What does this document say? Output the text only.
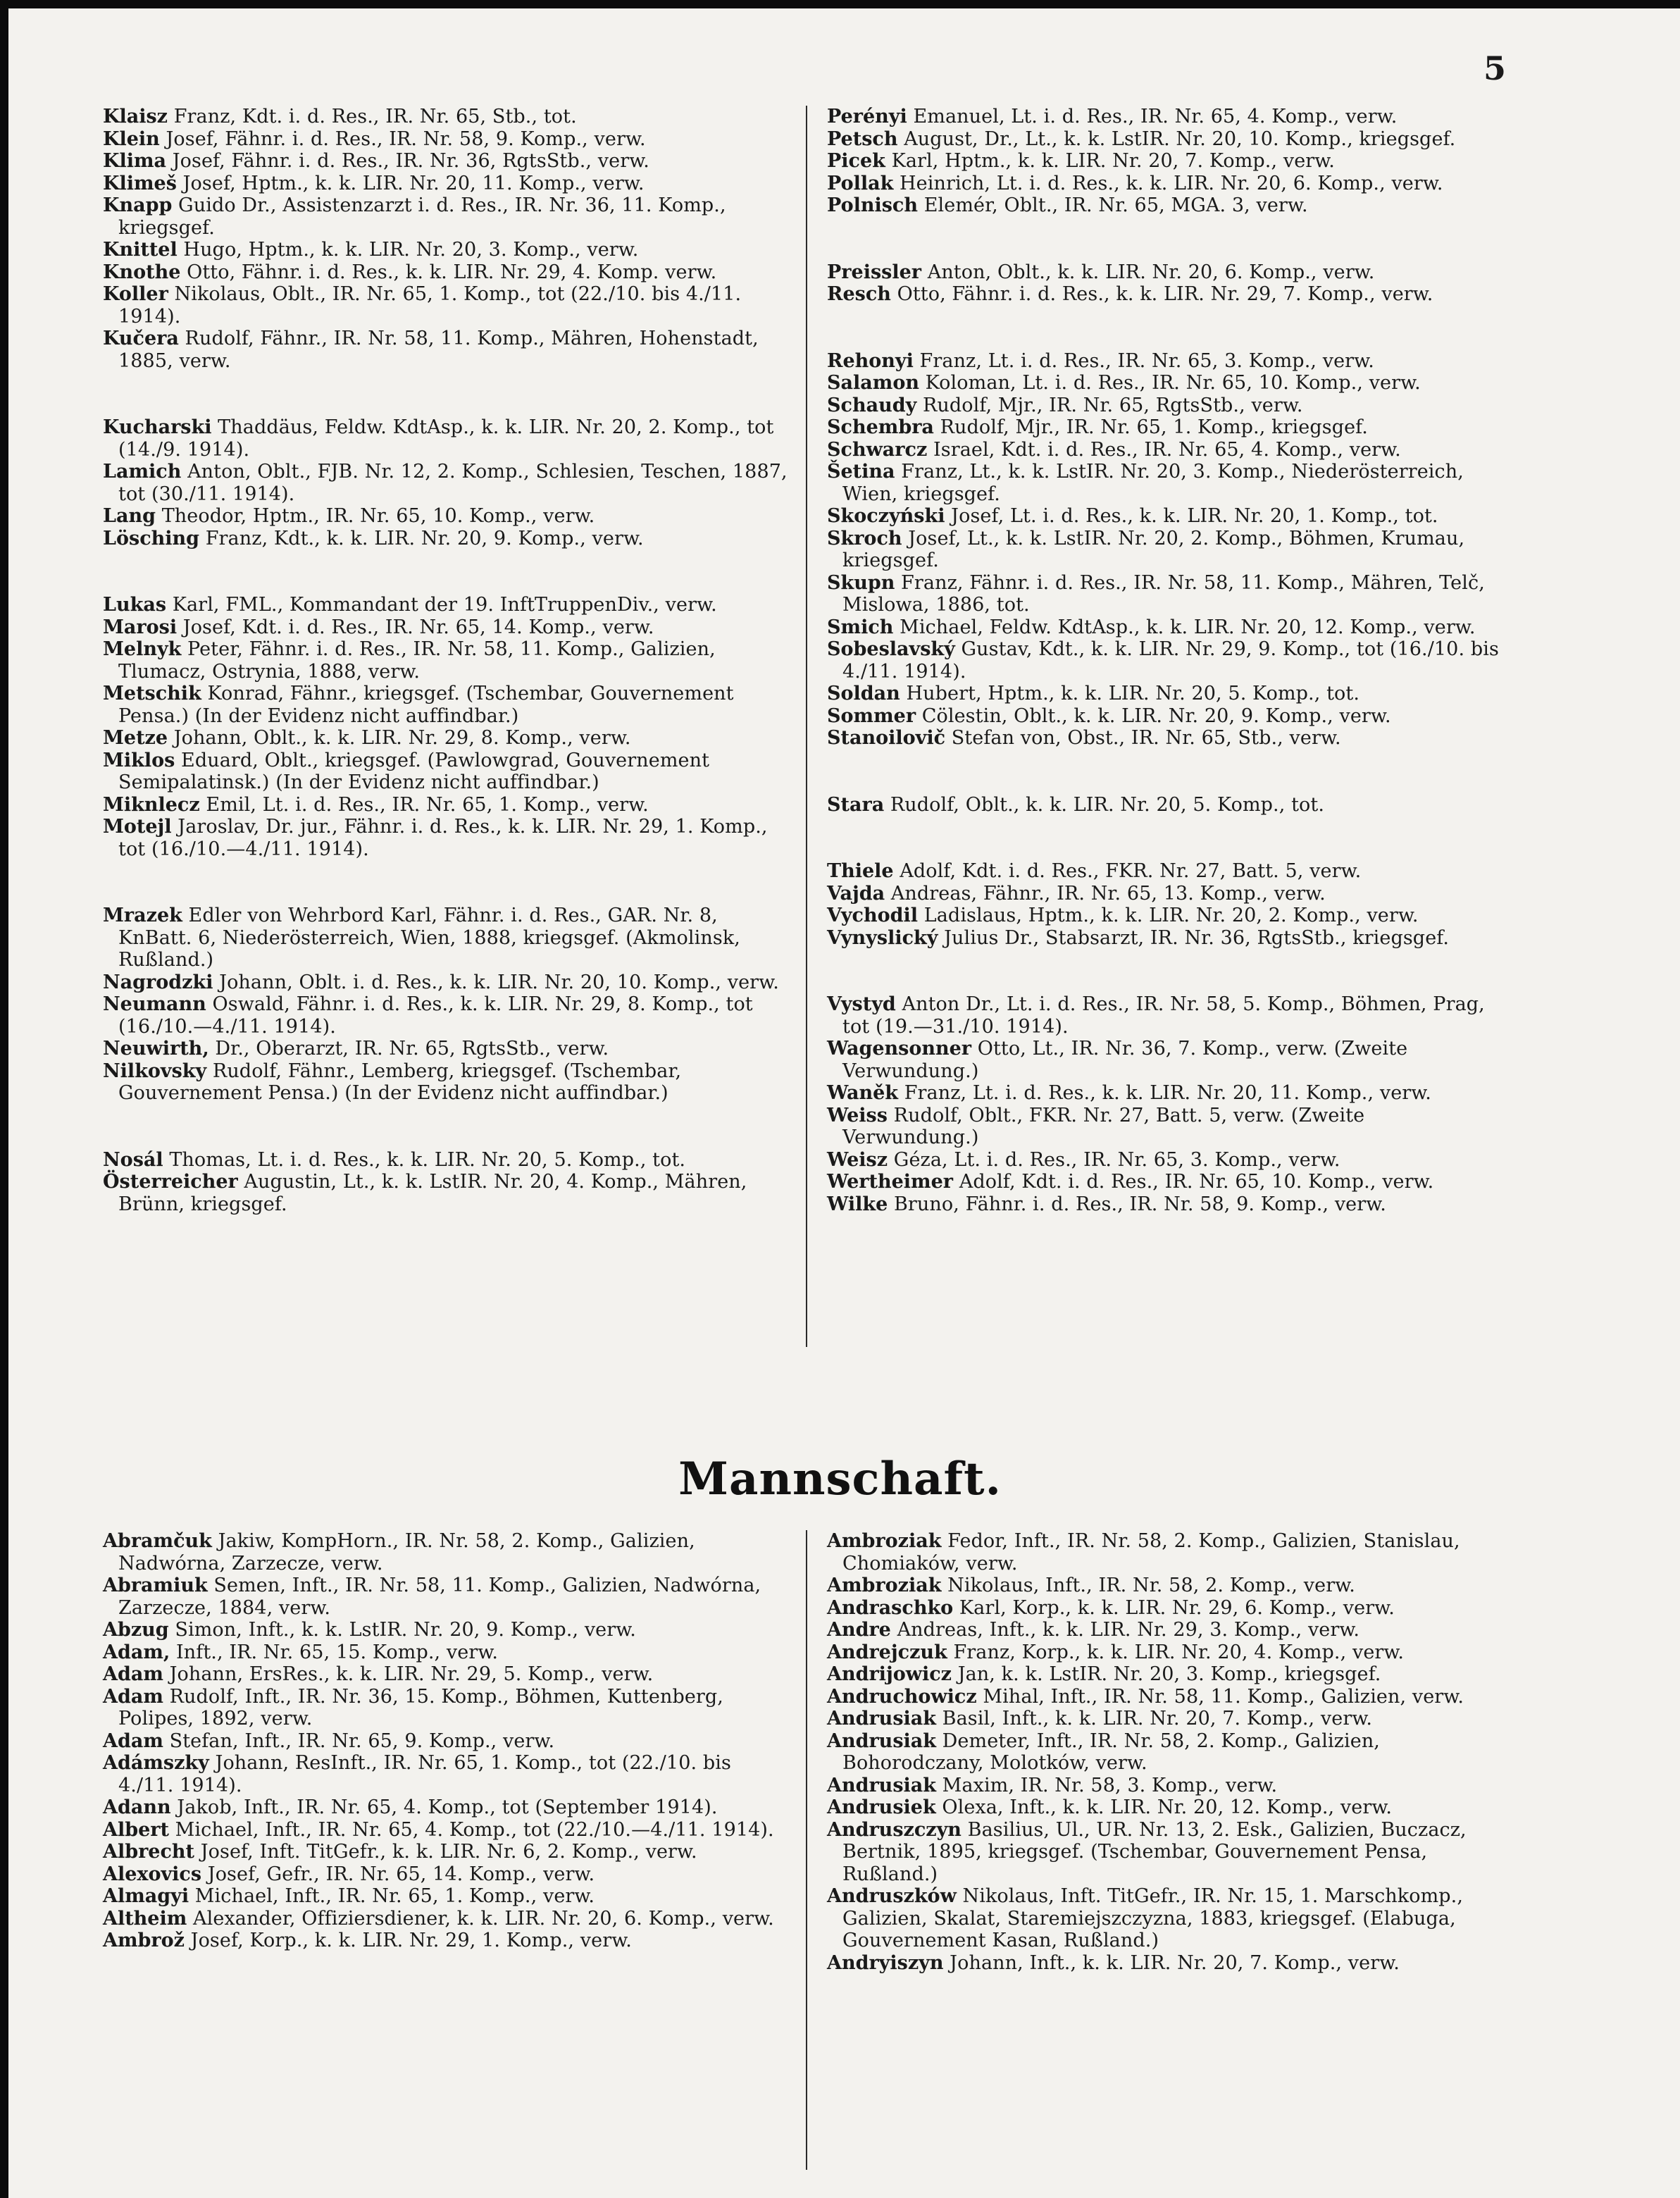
5
Klaisz Franz, Kdt. i. d. Res., IR. Nr. 65, Stb., tot.
Klein Josef, Fähnr. i. d. Res., IR. Nr. 58, 9. Komp., verw.
Klima Josef, Fähnr. i. d. Res., IR. Nr. 36, RgtsStb., verw.
Klimeš Josef, Hptm., k. k. LIR. Nr. 20, 11. Komp., verw.
Knapp Guido Dr., Assistenzarzt i. d. Res., IR. Nr. 36, 11. Komp., kriegsgef.
Knittel Hugo, Hptm., k. k. LIR. Nr. 20, 3. Komp., verw.
Knothe Otto, Fähnr. i. d. Res., k. k. LIR. Nr. 29, 4. Komp. verw.
Koller Nikolaus, Oblt., IR. Nr. 65, 1. Komp., tot (22./10. bis 4./11. 1914).
Kučera Rudolf, Fähnr., IR. Nr. 58, 11. Komp., Mähren, Hohenstadt, 1885, verw.
Kucharski Thaddäus, Feldw. KdtAsp., k. k. LIR. Nr. 20, 2. Komp., tot (14./9. 1914).
Lamich Anton, Oblt., FJB. Nr. 12, 2. Komp., Schlesien, Teschen, 1887, tot (30./11. 1914).
Lang Theodor, Hptm., IR. Nr. 65, 10. Komp., verw.
Lösching Franz, Kdt., k. k. LIR. Nr. 20, 9. Komp., verw.
Lukas Karl, FML., Kommandant der 19. InftTruppenDiv., verw.
Marosi Josef, Kdt. i. d. Res., IR. Nr. 65, 14. Komp., verw.
Melnyk Peter, Fähnr. i. d. Res., IR. Nr. 58, 11. Komp., Galizien, Tlumacz, Ostrynia, 1888, verw.
Metschik Konrad, Fähnr., kriegsgef. (Tschembar, Gouvernement Pensa.) (In der Evidenz nicht auffindbar.)
Metze Johann, Oblt., k. k. LIR. Nr. 29, 8. Komp., verw.
Miklos Eduard, Oblt., kriegsgef. (Pawlowgrad, Gouvernement Semipalatinsk.) (In der Evidenz nicht auffindbar.)
Miknlecz Emil, Lt. i. d. Res., IR. Nr. 65, 1. Komp., verw.
Motejl Jaroslav, Dr. jur., Fähnr. i. d. Res., k. k. LIR. Nr. 29, 1. Komp., tot (16./10.—4./11. 1914).
Mrazek Edler von Wehrbord Karl, Fähnr. i. d. Res., GAR. Nr. 8, KnBatt. 6, Niederösterreich, Wien, 1888, kriegsgef. (Akmolinsk, Rußland.)
Nagrodzki Johann, Oblt. i. d. Res., k. k. LIR. Nr. 20, 10. Komp., verw.
Neumann Oswald, Fähnr. i. d. Res., k. k. LIR. Nr. 29, 8. Komp., tot (16./10.—4./11. 1914).
Neuwirth, Dr., Oberarzt, IR. Nr. 65, RgtsStb., verw.
Nilkovsky Rudolf, Fähnr., Lemberg, kriegsgef. (Tschembar, Gouvernement Pensa.) (In der Evidenz nicht auffindbar.)
Nosál Thomas, Lt. i. d. Res., k. k. LIR. Nr. 20, 5. Komp., tot.
Österreicher Augustin, Lt., k. k. LstIR. Nr. 20, 4. Komp., Mähren, Brünn, kriegsgef.
Perényi Emanuel, Lt. i. d. Res., IR. Nr. 65, 4. Komp., verw.
Petsch August, Dr., Lt., k. k. LstIR. Nr. 20, 10. Komp., kriegsgef.
Picek Karl, Hptm., k. k. LIR. Nr. 20, 7. Komp., verw.
Pollak Heinrich, Lt. i. d. Res., k. k. LIR. Nr. 20, 6. Komp., verw.
Polnisch Elemér, Oblt., IR. Nr. 65, MGA. 3, verw.
Preissler Anton, Oblt., k. k. LIR. Nr. 20, 6. Komp., verw.
Resch Otto, Fähnr. i. d. Res., k. k. LIR. Nr. 29, 7. Komp., verw.
Rehonyi Franz, Lt. i. d. Res., IR. Nr. 65, 3. Komp., verw.
Salamon Koloman, Lt. i. d. Res., IR. Nr. 65, 10. Komp., verw.
Schaudy Rudolf, Mjr., IR. Nr. 65, RgtsStb., verw.
Schembra Rudolf, Mjr., IR. Nr. 65, 1. Komp., kriegsgef.
Schwarcz Israel, Kdt. i. d. Res., IR. Nr. 65, 4. Komp., verw.
Šetina Franz, Lt., k. k. LstIR. Nr. 20, 3. Komp., Niederösterreich, Wien, kriegsgef.
Skoczyński Josef, Lt. i. d. Res., k. k. LIR. Nr. 20, 1. Komp., tot.
Skroch Josef, Lt., k. k. LstIR. Nr. 20, 2. Komp., Böhmen, Krumau, kriegsgef.
Skupn Franz, Fähnr. i. d. Res., IR. Nr. 58, 11. Komp., Mähren, Telč, Mislowa, 1886, tot.
Smich Michael, Feldw. KdtAsp., k. k. LIR. Nr. 20, 12. Komp., verw.
Sobeslavský Gustav, Kdt., k. k. LIR. Nr. 29, 9. Komp., tot (16./10. bis 4./11. 1914).
Soldan Hubert, Hptm., k. k. LIR. Nr. 20, 5. Komp., tot.
Sommer Cölestin, Oblt., k. k. LIR. Nr. 20, 9. Komp., verw.
Stanoilovič Stefan von, Obst., IR. Nr. 65, Stb., verw.
Stara Rudolf, Oblt., k. k. LIR. Nr. 20, 5. Komp., tot.
Thiele Adolf, Kdt. i. d. Res., FKR. Nr. 27, Batt. 5, verw.
Vajda Andreas, Fähnr., IR. Nr. 65, 13. Komp., verw.
Vychodil Ladislaus, Hptm., k. k. LIR. Nr. 20, 2. Komp., verw.
Vynyslický Julius Dr., Stabsarzt, IR. Nr. 36, RgtsStb., kriegsgef.
Vystyd Anton Dr., Lt. i. d. Res., IR. Nr. 58, 5. Komp., Böhmen, Prag, tot (19.—31./10. 1914).
Wagensonner Otto, Lt., IR. Nr. 36, 7. Komp., verw. (Zweite Verwundung.)
Waněk Franz, Lt. i. d. Res., k. k. LIR. Nr. 20, 11. Komp., verw.
Weiss Rudolf, Oblt., FKR. Nr. 27, Batt. 5, verw. (Zweite Verwundung.)
Weisz Géza, Lt. i. d. Res., IR. Nr. 65, 3. Komp., verw.
Wertheimer Adolf, Kdt. i. d. Res., IR. Nr. 65, 10. Komp., verw.
Wilke Bruno, Fähnr. i. d. Res., IR. Nr. 58, 9. Komp., verw.
Mannschaft.
Abramčuk Jakiw, KompHorn., IR. Nr. 58, 2. Komp., Galizien, Nadwórna, Zarzecze, verw.
Abramiuk Semen, Inft., IR. Nr. 58, 11. Komp., Galizien, Nadwórna, Zarzecze, 1884, verw.
Abzug Simon, Inft., k. k. LstIR. Nr. 20, 9. Komp., verw.
Adam, Inft., IR. Nr. 65, 15. Komp., verw.
Adam Johann, ErsRes., k. k. LIR. Nr. 29, 5. Komp., verw.
Adam Rudolf, Inft., IR. Nr. 36, 15. Komp., Böhmen, Kuttenberg, Polipes, 1892, verw.
Adam Stefan, Inft., IR. Nr. 65, 9. Komp., verw.
Adámszky Johann, ResInft., IR. Nr. 65, 1. Komp., tot (22./10. bis 4./11. 1914).
Adann Jakob, Inft., IR. Nr. 65, 4. Komp., tot (September 1914).
Albert Michael, Inft., IR. Nr. 65, 4. Komp., tot (22./10.—4./11. 1914).
Albrecht Josef, Inft. TitGefr., k. k. LIR. Nr. 6, 2. Komp., verw.
Alexovics Josef, Gefr., IR. Nr. 65, 14. Komp., verw.
Almagyi Michael, Inft., IR. Nr. 65, 1. Komp., verw.
Altheim Alexander, Offiziersdiener, k. k. LIR. Nr. 20, 6. Komp., verw.
Ambrož Josef, Korp., k. k. LIR. Nr. 29, 1. Komp., verw.
Ambroziak Fedor, Inft., IR. Nr. 58, 2. Komp., Galizien, Stanislau, Chomiaków, verw.
Ambroziak Nikolaus, Inft., IR. Nr. 58, 2. Komp., verw.
Andraschko Karl, Korp., k. k. LIR. Nr. 29, 6. Komp., verw.
Andre Andreas, Inft., k. k. LIR. Nr. 29, 3. Komp., verw.
Andrejczuk Franz, Korp., k. k. LIR. Nr. 20, 4. Komp., verw.
Andrijowicz Jan, k. k. LstIR. Nr. 20, 3. Komp., kriegsgef.
Andruchowicz Mihal, Inft., IR. Nr. 58, 11. Komp., Galizien, verw.
Andrusiak Basil, Inft., k. k. LIR. Nr. 20, 7. Komp., verw.
Andrusiak Demeter, Inft., IR. Nr. 58, 2. Komp., Galizien, Bohorodczany, Molotków, verw.
Andrusiak Maxim, IR. Nr. 58, 3. Komp., verw.
Andrusiek Olexa, Inft., k. k. LIR. Nr. 20, 12. Komp., verw.
Andruszczyn Basilius, Ul., UR. Nr. 13, 2. Esk., Galizien, Buczacz, Bertnik, 1895, kriegsgef. (Tschembar, Gouvernement Pensa, Rußland.)
Andruszków Nikolaus, Inft. TitGefr., IR. Nr. 15, 1. Marschkomp., Galizien, Skalat, Staremiejszczyzna, 1883, kriegsgef. (Elabuga, Gouvernement Kasan, Rußland.)
Andryiszyn Johann, Inft., k. k. LIR. Nr. 20, 7. Komp., verw.
